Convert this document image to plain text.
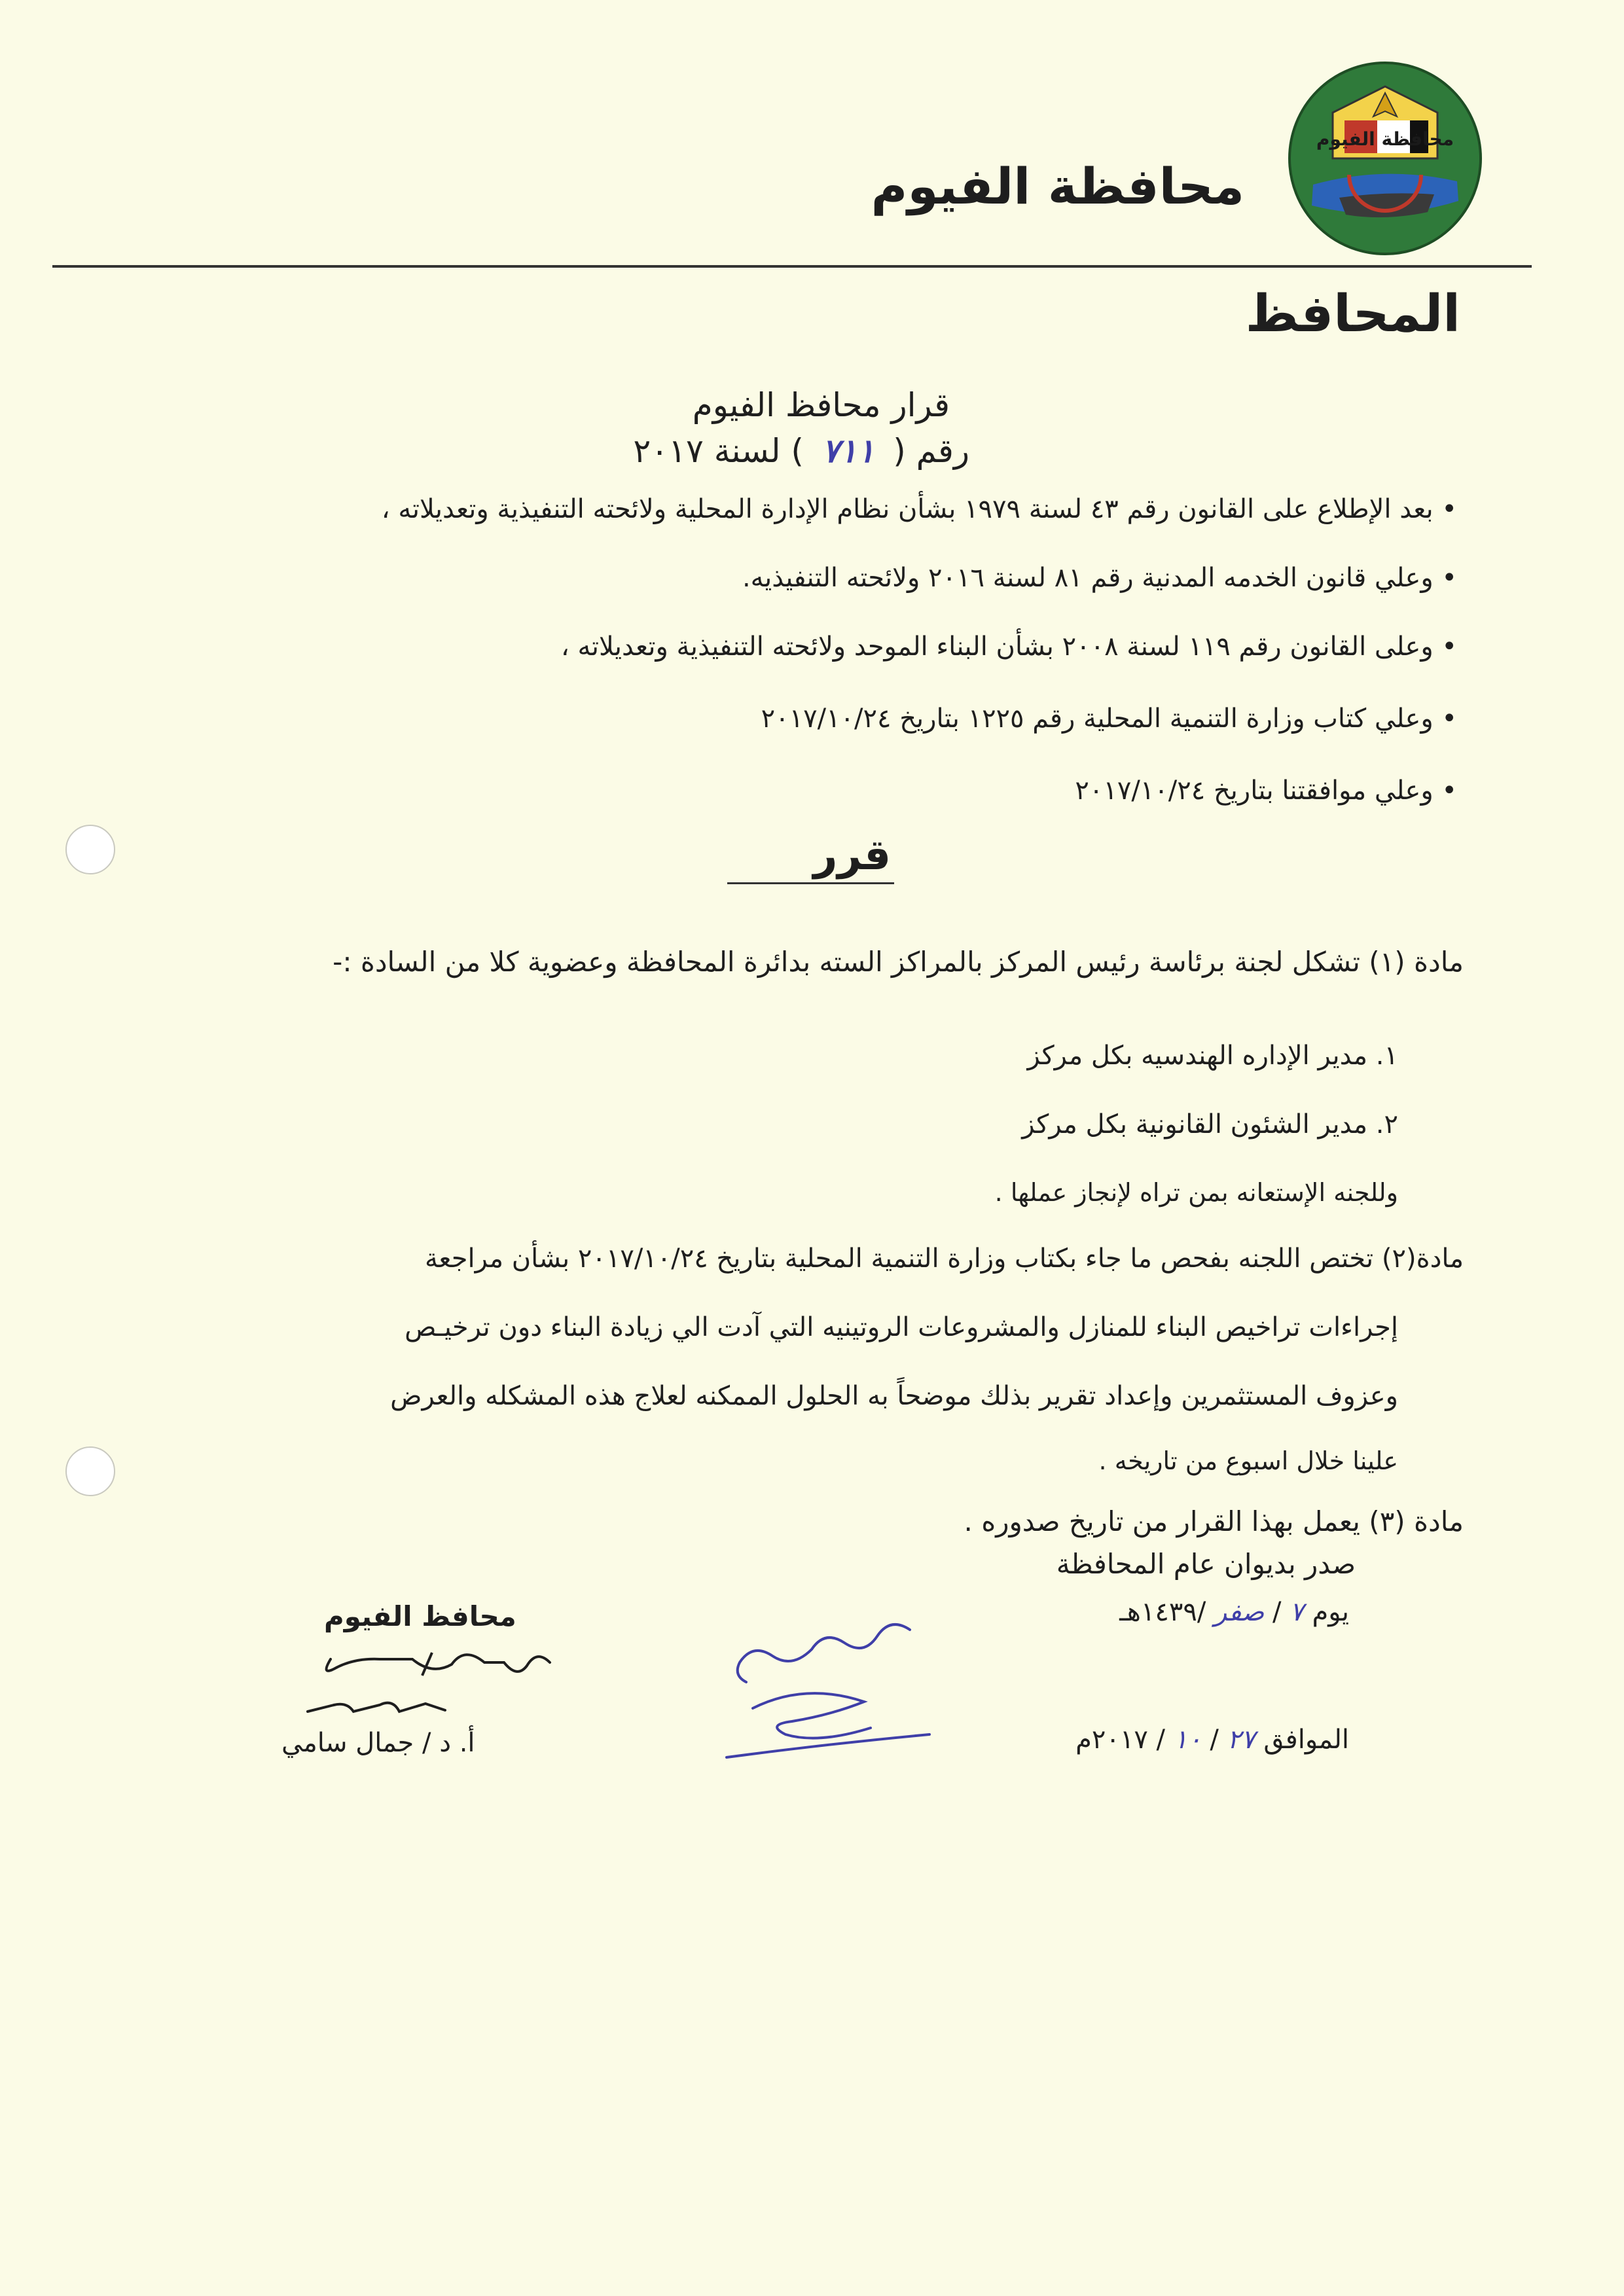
محافظة الفيوم
محافظة الفيوم
المحافظ
قرار محافظ الفيوم
رقم ( ٧١١ ) لسنة ٢٠١٧
• بعد الإطلاع على القانون رقم ٤٣ لسنة ١٩٧٩ بشأن نظام الإدارة المحلية ولائحته التنفيذية وتعديلاته ،
• وعلي قانون الخدمه المدنية رقم ٨١ لسنة ٢٠١٦ ولائحته التنفيذيه.
• وعلى القانون رقم ١١٩ لسنة ٢٠٠٨ بشأن البناء الموحد ولائحته التنفيذية وتعديلاته ،
• وعلي كتاب وزارة التنمية المحلية رقم ١٢٢٥ بتاريخ ٢٠١٧/١٠/٢٤
• وعلي موافقتنا بتاريخ ٢٠١٧/١٠/٢٤
قرر
مادة (١) تشكل لجنة برئاسة رئيس المركز بالمراكز السته بدائرة المحافظة وعضوية كلا من السادة :-
١. مدير الإداره الهندسيه بكل مركز
٢. مدير الشئون القانونية بكل مركز
وللجنه الإستعانه بمن تراه لإنجاز عملها .
مادة(٢) تختص اللجنه بفحص ما جاء بكتاب وزارة التنمية المحلية بتاريخ ٢٠١٧/١٠/٢٤ بشأن مراجعة
إجراءات تراخيص البناء للمنازل والمشروعات الروتينيه التي آدت الي زيادة البناء دون ترخيـص
وعزوف المستثمرين وإعداد تقرير بذلك موضحاً به الحلول الممكنه لعلاج هذه المشكله والعرض
علينا خلال اسبوع من تاريخه .
مادة (٣) يعمل بهذا القرار من تاريخ صدوره .
صدر بديوان عام المحافظة
يوم ٧ / صفر /١٤٣٩هـ
الموافق ٢٧ / ١٠ / ٢٠١٧م
محافظ الفيوم
أ. د / جمال سامي
